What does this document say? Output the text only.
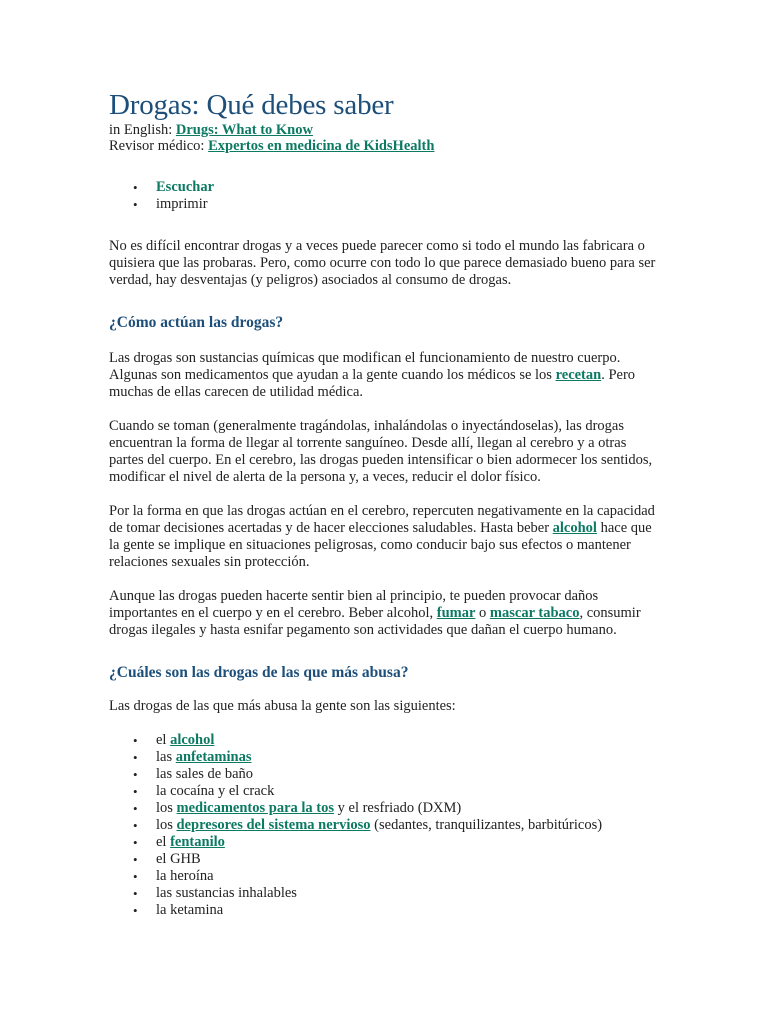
Drogas: Qué debes saber

in English: Drugs: What to Know

Revisor médico: Expertos en medicina de KidsHealth

• Escuchar
• imprimir

No es difícil encontrar drogas y a veces puede parecer como si todo el mundo las fabricara o quisiera que las probaras. Pero, como ocurre con todo lo que parece demasiado bueno para ser verdad, hay desventajas (y peligros) asociados al consumo de drogas.

¿Cómo actúan las drogas?

Las drogas son sustancias químicas que modifican el funcionamiento de nuestro cuerpo. Algunas son medicamentos que ayudan a la gente cuando los médicos se los recetan. Pero muchas de ellas carecen de utilidad médica.

Cuando se toman (generalmente tragándolas, inhalándolas o inyectándoselas), las drogas encuentran la forma de llegar al torrente sanguíneo. Desde allí, llegan al cerebro y a otras partes del cuerpo. En el cerebro, las drogas pueden intensificar o bien adormecer los sentidos, modificar el nivel de alerta de la persona y, a veces, reducir el dolor físico.

Por la forma en que las drogas actúan en el cerebro, repercuten negativamente en la capacidad de tomar decisiones acertadas y de hacer elecciones saludables. Hasta beber alcohol hace que la gente se implique en situaciones peligrosas, como conducir bajo sus efectos o mantener relaciones sexuales sin protección.

Aunque las drogas pueden hacerte sentir bien al principio, te pueden provocar daños importantes en el cuerpo y en el cerebro. Beber alcohol, fumar o mascar tabaco, consumir drogas ilegales y hasta esnifar pegamento son actividades que dañan el cuerpo humano.

¿Cuáles son las drogas de las que más abusa?

Las drogas de las que más abusa la gente son las siguientes:

• el alcohol
• las anfetaminas
• las sales de baño
• la cocaína y el crack
• los medicamentos para la tos y el resfriado (DXM)
• los depresores del sistema nervioso (sedantes, tranquilizantes, barbitúricos)
• el fentanilo
• el GHB
• la heroína
• las sustancias inhalables
• la ketamina
